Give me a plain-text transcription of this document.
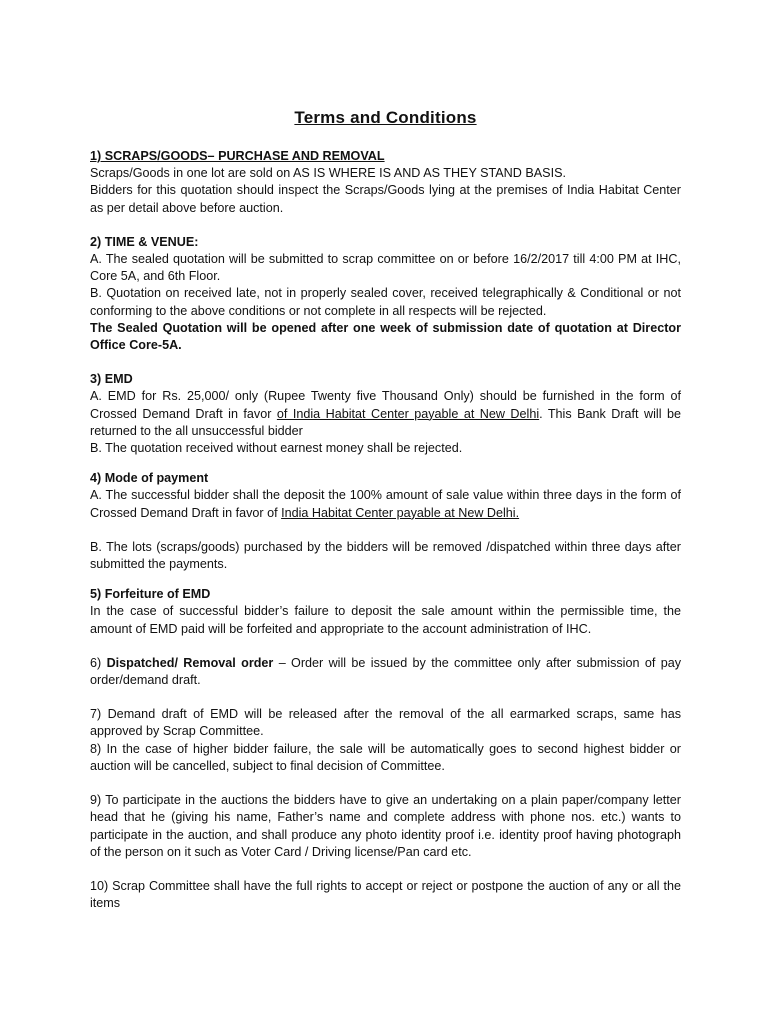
Terms and Conditions

1) SCRAPS/GOODS– PURCHASE AND REMOVAL

Scraps/Goods in one lot are sold on AS IS WHERE IS AND AS THEY STAND BASIS.

Bidders for this quotation should inspect the Scraps/Goods lying at the premises of India Habitat Center as per detail above before auction.

2) TIME & VENUE:

A. The sealed quotation will be submitted to scrap committee on or before 16/2/2017 till 4:00 PM at IHC, Core 5A, and 6th Floor.

B. Quotation on received late, not in properly sealed cover, received telegraphically & Conditional or not conforming to the above conditions or not complete in all respects will be rejected.

The Sealed Quotation will be opened after one week of submission date of quotation at Director Office Core-5A.

3) EMD

A. EMD for Rs. 25,000/ only (Rupee Twenty five Thousand Only) should be furnished in the form of Crossed Demand Draft in favor of India Habitat Center payable at New Delhi. This Bank Draft will be returned to the all unsuccessful bidder

B. The quotation received without earnest money shall be rejected.

4) Mode of payment

A. The successful bidder shall the deposit the 100% amount of sale value within three days in the form of Crossed Demand Draft in favor of India Habitat Center payable at New Delhi.

B. The lots (scraps/goods) purchased by the bidders will be removed /dispatched within three days after submitted the payments.

5) Forfeiture of EMD

In the case of successful bidder’s failure to deposit the sale amount within the permissible time, the amount of EMD paid will be forfeited and appropriate to the account administration of IHC.

6) Dispatched/ Removal order – Order will be issued by the committee only after submission of pay order/demand draft.

7) Demand draft of EMD will be released after the removal of the all earmarked scraps, same has approved by Scrap Committee.

8) In the case of higher bidder failure, the sale will be automatically goes to second highest bidder or auction will be cancelled, subject to final decision of Committee.

9) To participate in the auctions the bidders have to give an undertaking on a plain paper/company letter head that he (giving his name, Father’s name and complete address with phone nos. etc.) wants to participate in the auction, and shall produce any photo identity proof i.e. identity proof having photograph of the person on it such as Voter Card / Driving license/Pan card etc.

10) Scrap Committee shall have the full rights to accept or reject or postpone the auction of any or all the items
